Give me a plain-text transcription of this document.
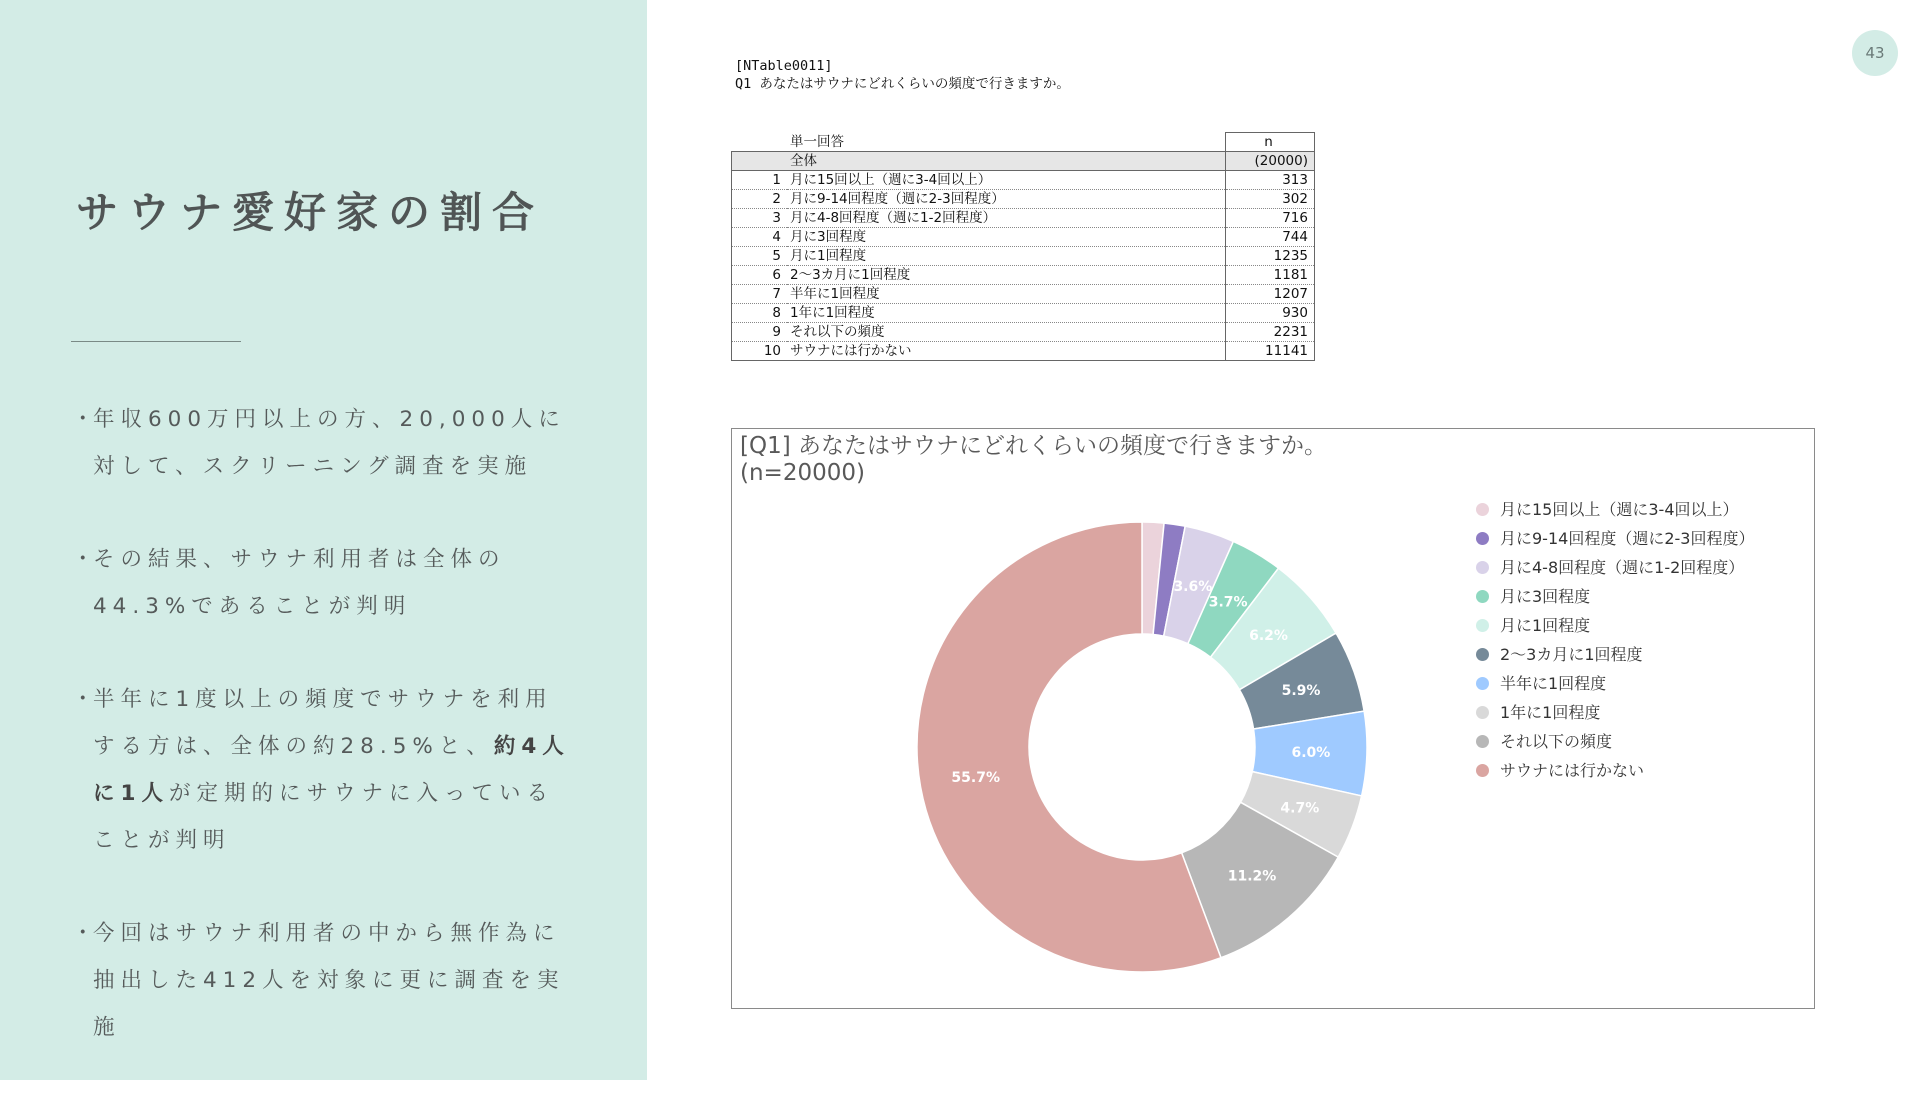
サウナ愛好家の割合
・
年収600万円以上の方、20,000人に対して、スクリーニング調査を実施
・
その結果、サウナ利用者は全体の44.3%であることが判明
・
半年に1度以上の頻度でサウナを利用する方は、全体の約28.5%と、約4人に1人が定期的にサウナに入っていることが判明
・
今回はサウナ利用者の中から無作為に抽出した412人を対象に更に調査を実施
43
[NTable0011]
Q1 あなたはサウナにどれくらいの頻度で行きますか。
	単一回答	n
	全体	(20000)
1	月に15回以上（週に3-4回以上）	313
2	月に9-14回程度（週に2-3回程度）	302
3	月に4-8回程度（週に1-2回程度）	716
4	月に3回程度	744
5	月に1回程度	1235
6	2～3カ月に1回程度	1181
7	半年に1回程度	1207
8	1年に1回程度	930
9	それ以下の頻度	2231
10	サウナには行かない	11141
3.6%
3.7%
6.2%
5.9%
6.0%
4.7%
11.2%
55.7%

[Q1] あなたはサウナにどれくらいの頻度で行きますか。

(n=20000)

月に15回以上（週に3-4回以上）
月に9-14回程度（週に2-3回程度）
月に4-8回程度（週に1-2回程度）
月に3回程度
月に1回程度
2～3カ月に1回程度
半年に1回程度
1年に1回程度
それ以下の頻度
サウナには行かない
